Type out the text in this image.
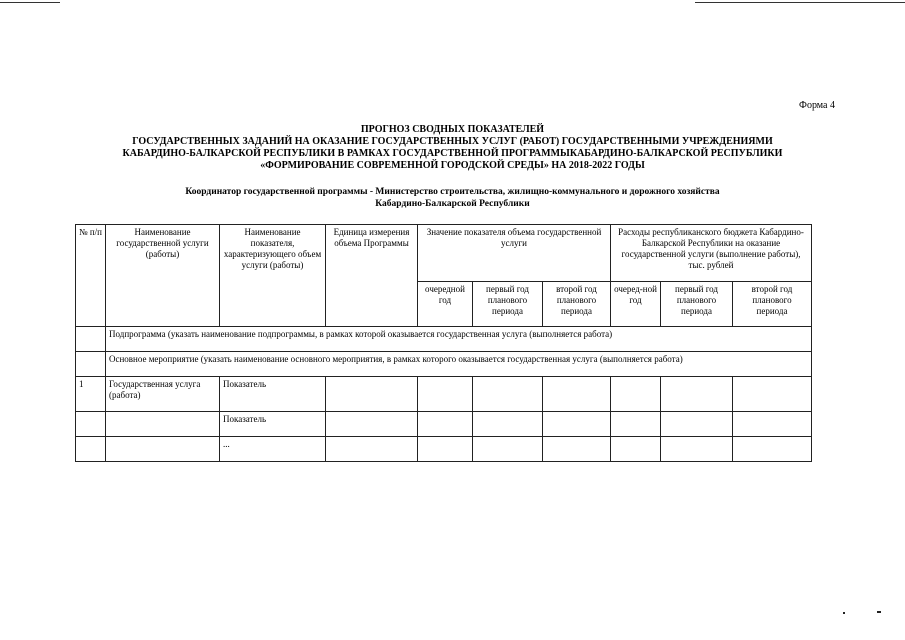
Форма 4
ПРОГНОЗ СВОДНЫХ ПОКАЗАТЕЛЕЙ
ГОСУДАРСТВЕННЫХ ЗАДАНИЙ НА ОКАЗАНИЕ ГОСУДАРСТВЕННЫХ УСЛУГ (РАБОТ) ГОСУДАРСТВЕННЫМИ УЧРЕЖДЕНИЯМИ
КАБАРДИНО-БАЛКАРСКОЙ РЕСПУБЛИКИ В РАМКАХ ГОСУДАРСТВЕННОЙ ПРОГРАММЫКАБАРДИНО-БАЛКАРСКОЙ РЕСПУБЛИКИ
«ФОРМИРОВАНИЕ СОВРЕМЕННОЙ ГОРОДСКОЙ СРЕДЫ» НА 2018-2022 ГОДЫ
Координатор государственной программы - Министерство строительства, жилищно-коммунального и дорожного хозяйства
Кабардино-Балкарской Республики
№ п/п	Наименование государственной услуги (работы)	Наименование показателя, характеризующего объем услуги (работы)	Единица измерения объема Программы	Значение показателя объема государственной услуги			Расходы республиканского бюджета Кабардино-Балкарской Республики на оказание государственной услуги (выполнение работы), тыс. рублей		
				очередной год	первый год планового периода	второй год планового периода	очеред-ной год	первый год планового периода	второй год планового периода
	Подпрограмма (указать наименование подпрограммы, в рамках которой оказывается государственная услуга (выполняется работа)								
	Основное мероприятие (указать наименование основного мероприятия, в рамках которого оказывается государственная услуга (выполняется работа)								
1	Государственная услуга (работа)	Показатель							
		Показатель							
		...							
